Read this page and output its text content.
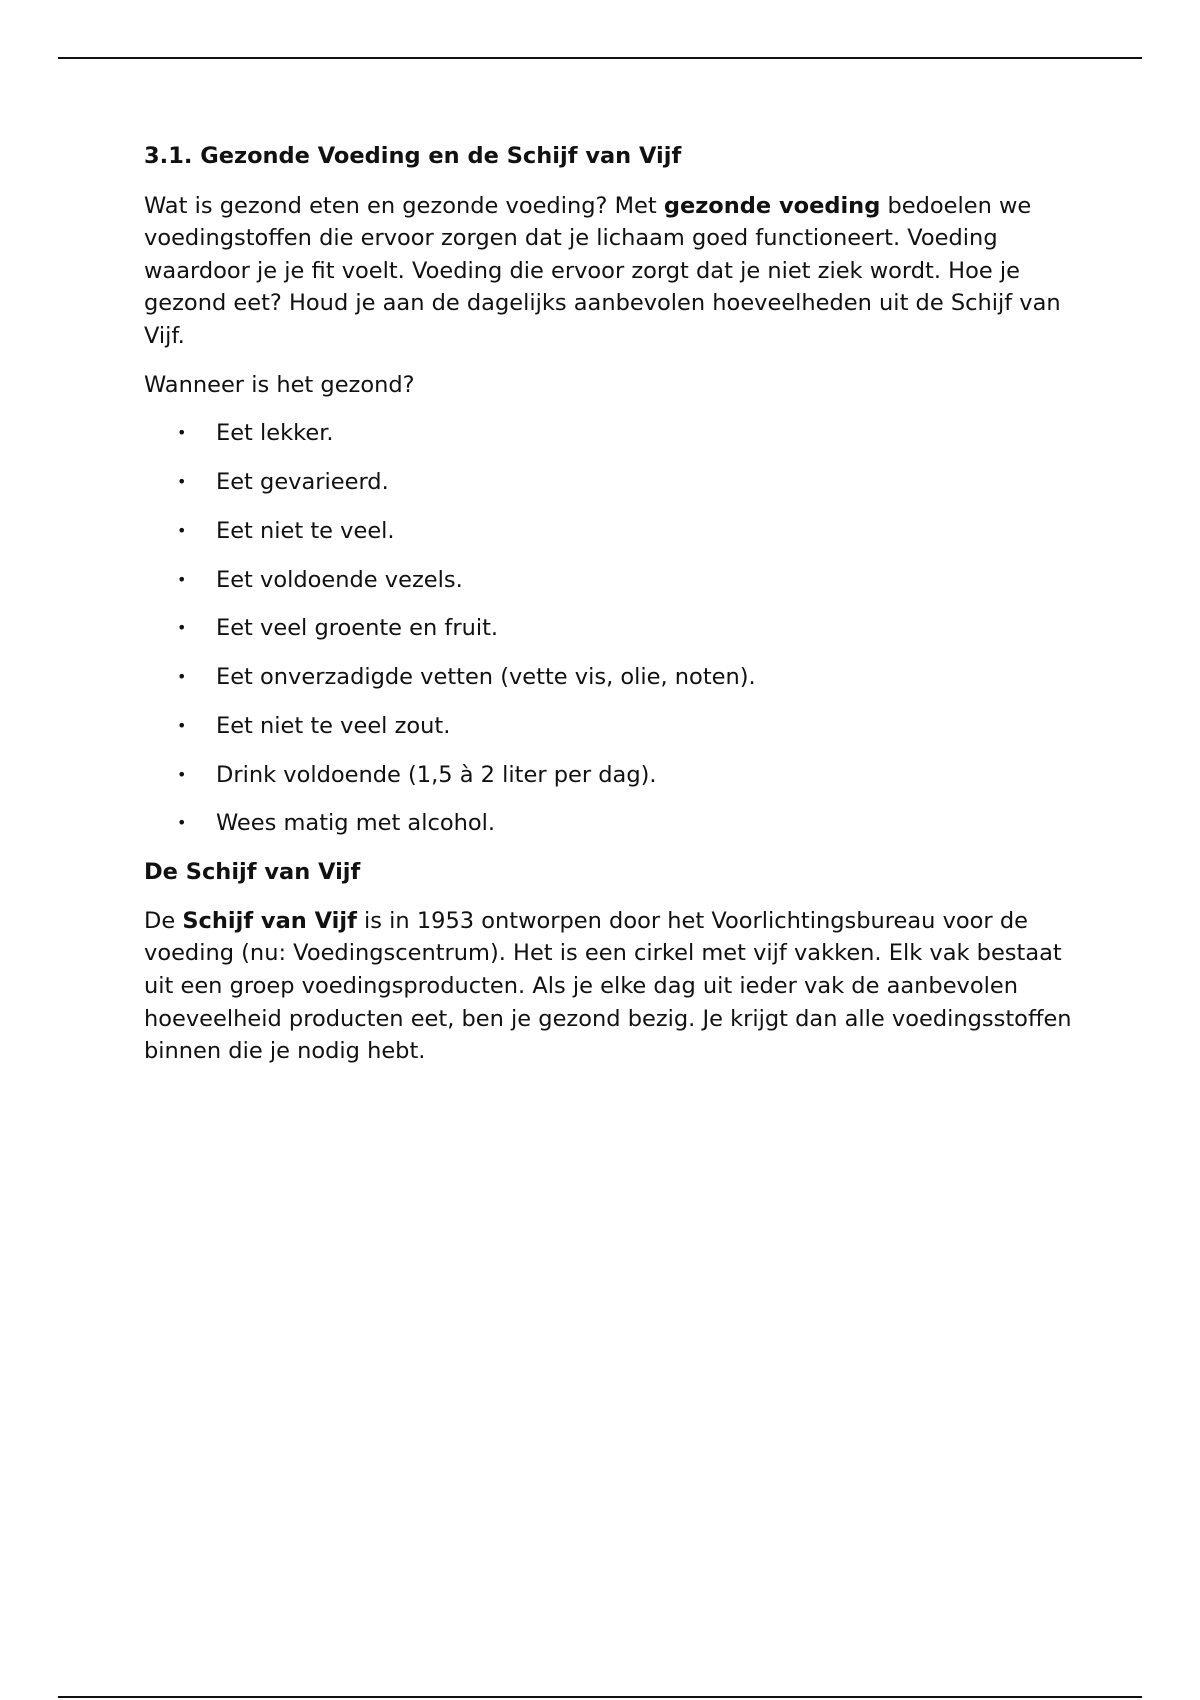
3.1. Gezonde Voeding en de Schijf van Vijf

Wat is gezond eten en gezonde voeding? Met gezonde voeding bedoelen we voedingstoffen die ervoor zorgen dat je lichaam goed functioneert. Voeding waardoor je je fit voelt. Voeding die ervoor zorgt dat je niet ziek wordt. Hoe je gezond eet? Houd je aan de dagelijks aanbevolen hoeveelheden uit de Schijf van Vijf.

Wanneer is het gezond?

• Eet lekker.
• Eet gevarieerd.
• Eet niet te veel.
• Eet voldoende vezels.
• Eet veel groente en fruit.
• Eet onverzadigde vetten (vette vis, olie, noten).
• Eet niet te veel zout.
• Drink voldoende (1,5 à 2 liter per dag).
• Wees matig met alcohol.
De Schijf van Vijf

De Schijf van Vijf is in 1953 ontworpen door het Voorlichtingsbureau voor de voeding (nu: Voedingscentrum). Het is een cirkel met vijf vakken. Elk vak bestaat uit een groep voedingsproducten. Als je elke dag uit ieder vak de aanbevolen hoeveelheid producten eet, ben je gezond bezig. Je krijgt dan alle voedingsstoffen binnen die je nodig hebt.
